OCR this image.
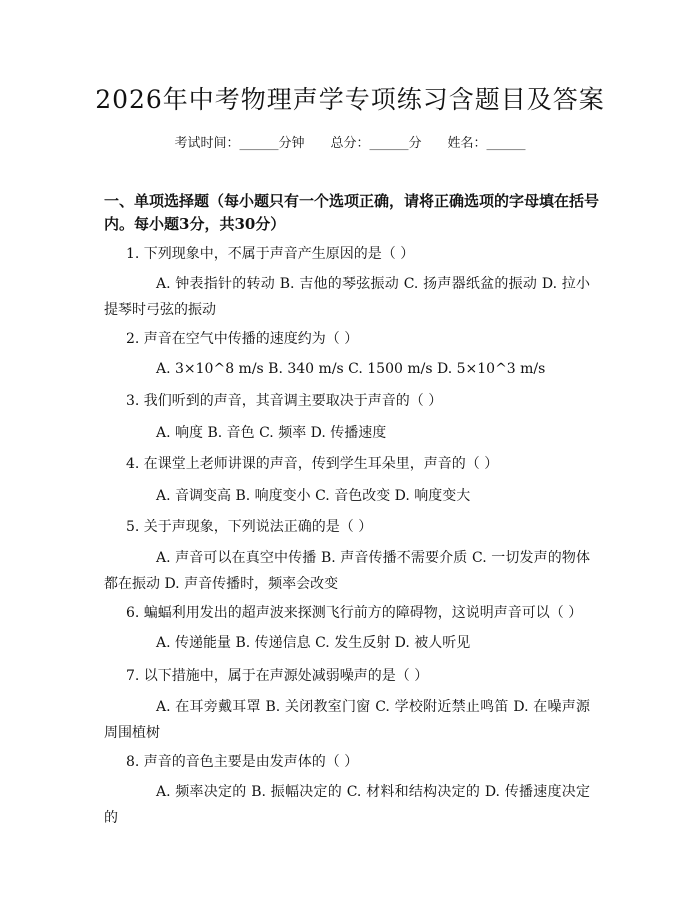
2026年中考物理声学专项练习含题目及答案
考试时间：______分钟 总分：______分 姓名：______
一、单项选择题（每小题只有一个选项正确，请将正确选项的字母填在括号内。每小题3分，共30分）
1. 下列现象中，不属于声音产生原因的是（ ）
A. 钟表指针的转动 B. 吉他的琴弦振动 C. 扬声器纸盆的振动 D. 拉小提琴时弓弦的振动
2. 声音在空气中传播的速度约为（ ）
A. 3×10^8 m/s B. 340 m/s C. 1500 m/s D. 5×10^3 m/s
3. 我们听到的声音，其音调主要取决于声音的（ ）
A. 响度 B. 音色 C. 频率 D. 传播速度
4. 在课堂上老师讲课的声音，传到学生耳朵里，声音的（ ）
A. 音调变高 B. 响度变小 C. 音色改变 D. 响度变大
5. 关于声现象，下列说法正确的是（ ）
A. 声音可以在真空中传播 B. 声音传播不需要介质 C. 一切发声的物体都在振动 D. 声音传播时，频率会改变
6. 蝙蝠利用发出的超声波来探测飞行前方的障碍物，这说明声音可以（ ）
A. 传递能量 B. 传递信息 C. 发生反射 D. 被人听见
7. 以下措施中，属于在声源处减弱噪声的是（ ）
A. 在耳旁戴耳罩 B. 关闭教室门窗 C. 学校附近禁止鸣笛 D. 在噪声源周围植树
8. 声音的音色主要是由发声体的（ ）
A. 频率决定的 B. 振幅决定的 C. 材料和结构决定的 D. 传播速度决定的
